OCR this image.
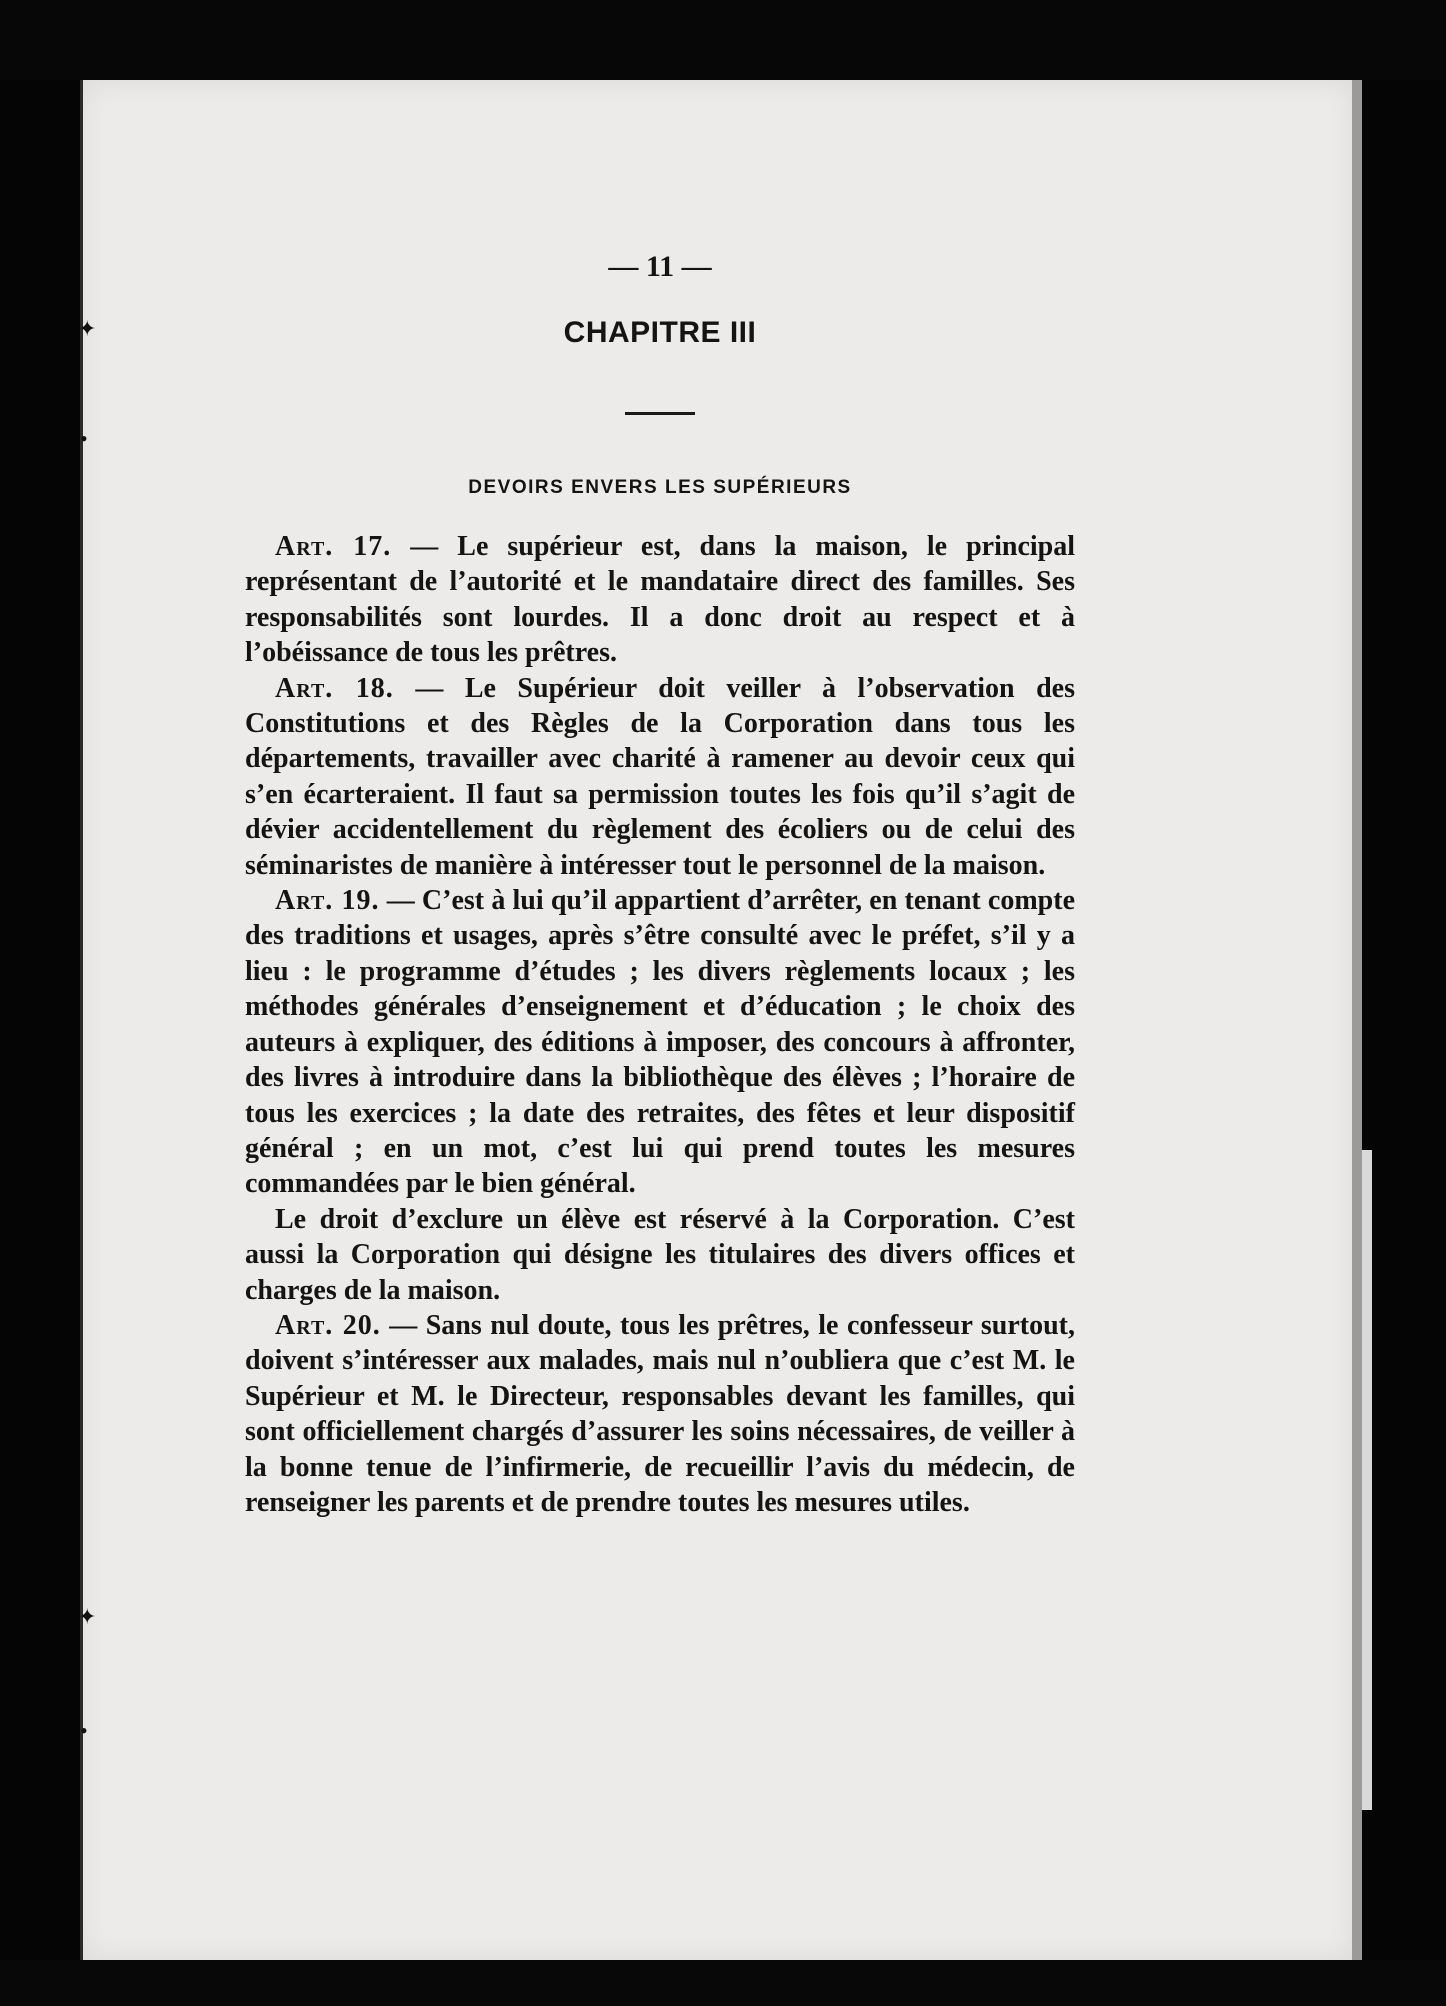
✦
•
✦
•

— 11 —

CHAPITRE III
DEVOIRS ENVERS LES SUPÉRIEURS

Art. 17. — Le supérieur est, dans la maison, le principal représentant de l’autorité et le mandataire direct des familles. Ses responsabilités sont lourdes. Il a donc droit au respect et à l’obéissance de tous les prêtres.

Art. 18. — Le Supérieur doit veiller à l’observation des Constitutions et des Règles de la Corporation dans tous les départements, travailler avec charité à ramener au devoir ceux qui s’en écarteraient. Il faut sa permission toutes les fois qu’il s’agit de dévier accidentellement du règlement des écoliers ou de celui des séminaristes de manière à intéresser tout le personnel de la maison.

Art. 19. — C’est à lui qu’il appartient d’arrêter, en tenant compte des traditions et usages, après s’être consulté avec le préfet, s’il y a lieu : le programme d’études ; les divers règlements locaux ; les méthodes générales d’enseignement et d’éducation ; le choix des auteurs à expliquer, des éditions à imposer, des concours à affronter, des livres à introduire dans la bibliothèque des élèves ; l’horaire de tous les exercices ; la date des retraites, des fêtes et leur dispositif général ; en un mot, c’est lui qui prend toutes les mesures commandées par le bien général.

Le droit d’exclure un élève est réservé à la Corporation. C’est aussi la Corporation qui désigne les titulaires des divers offices et charges de la maison.

Art. 20. — Sans nul doute, tous les prêtres, le confesseur surtout, doivent s’intéresser aux malades, mais nul n’oubliera que c’est M. le Supérieur et M. le Directeur, responsables devant les familles, qui sont officiellement chargés d’assurer les soins nécessaires, de veiller à la bonne tenue de l’infirmerie, de recueillir l’avis du médecin, de renseigner les parents et de prendre toutes les mesures utiles.
